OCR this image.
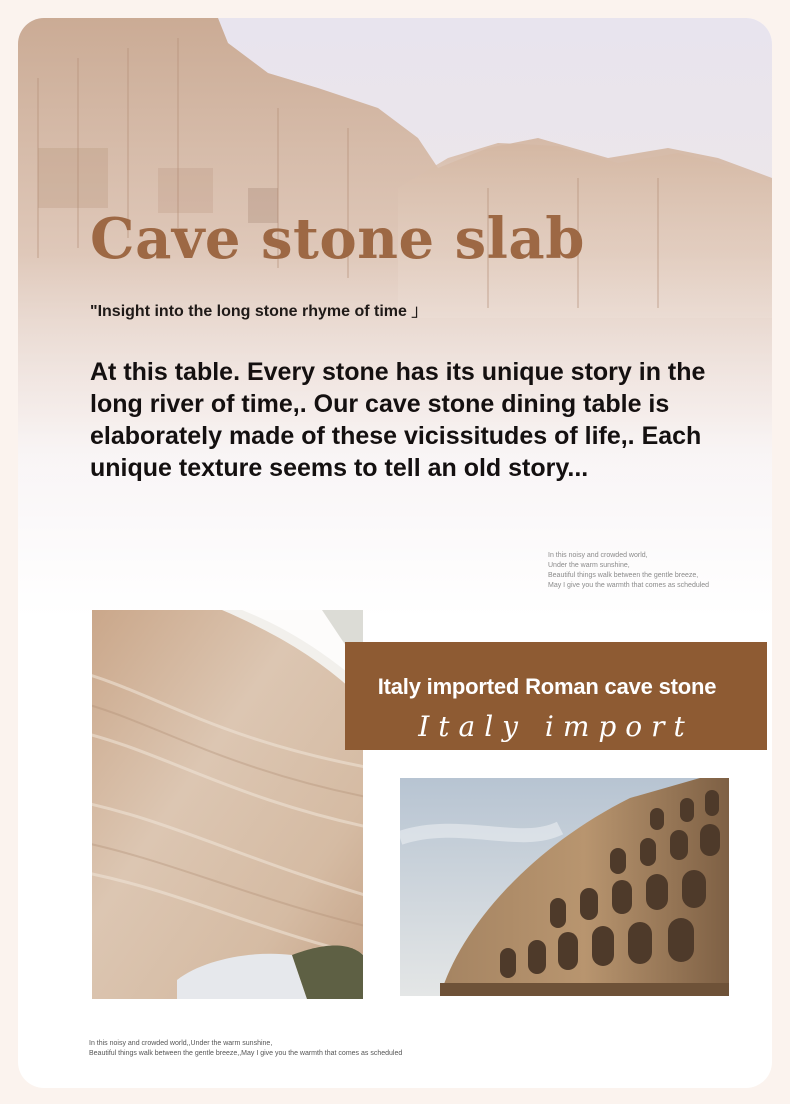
Cave stone slab
"Insight into the long stone rhyme of time 」
At this table. Every stone has its unique story in the long river of time,. Our cave stone dining table is elaborately made of these vicissitudes of life,. Each unique texture seems to tell an old story...
In this noisy and crowded world,
Under the warm sunshine,
Beautiful things walk between the gentle breeze,
May I give you the warmth that comes as scheduled
Italy imported Roman cave stone
Italy import
In this noisy and crowded world,,Under the warm sunshine,
Beautiful things walk between the gentle breeze,,May I give you the warmth that comes as scheduled
